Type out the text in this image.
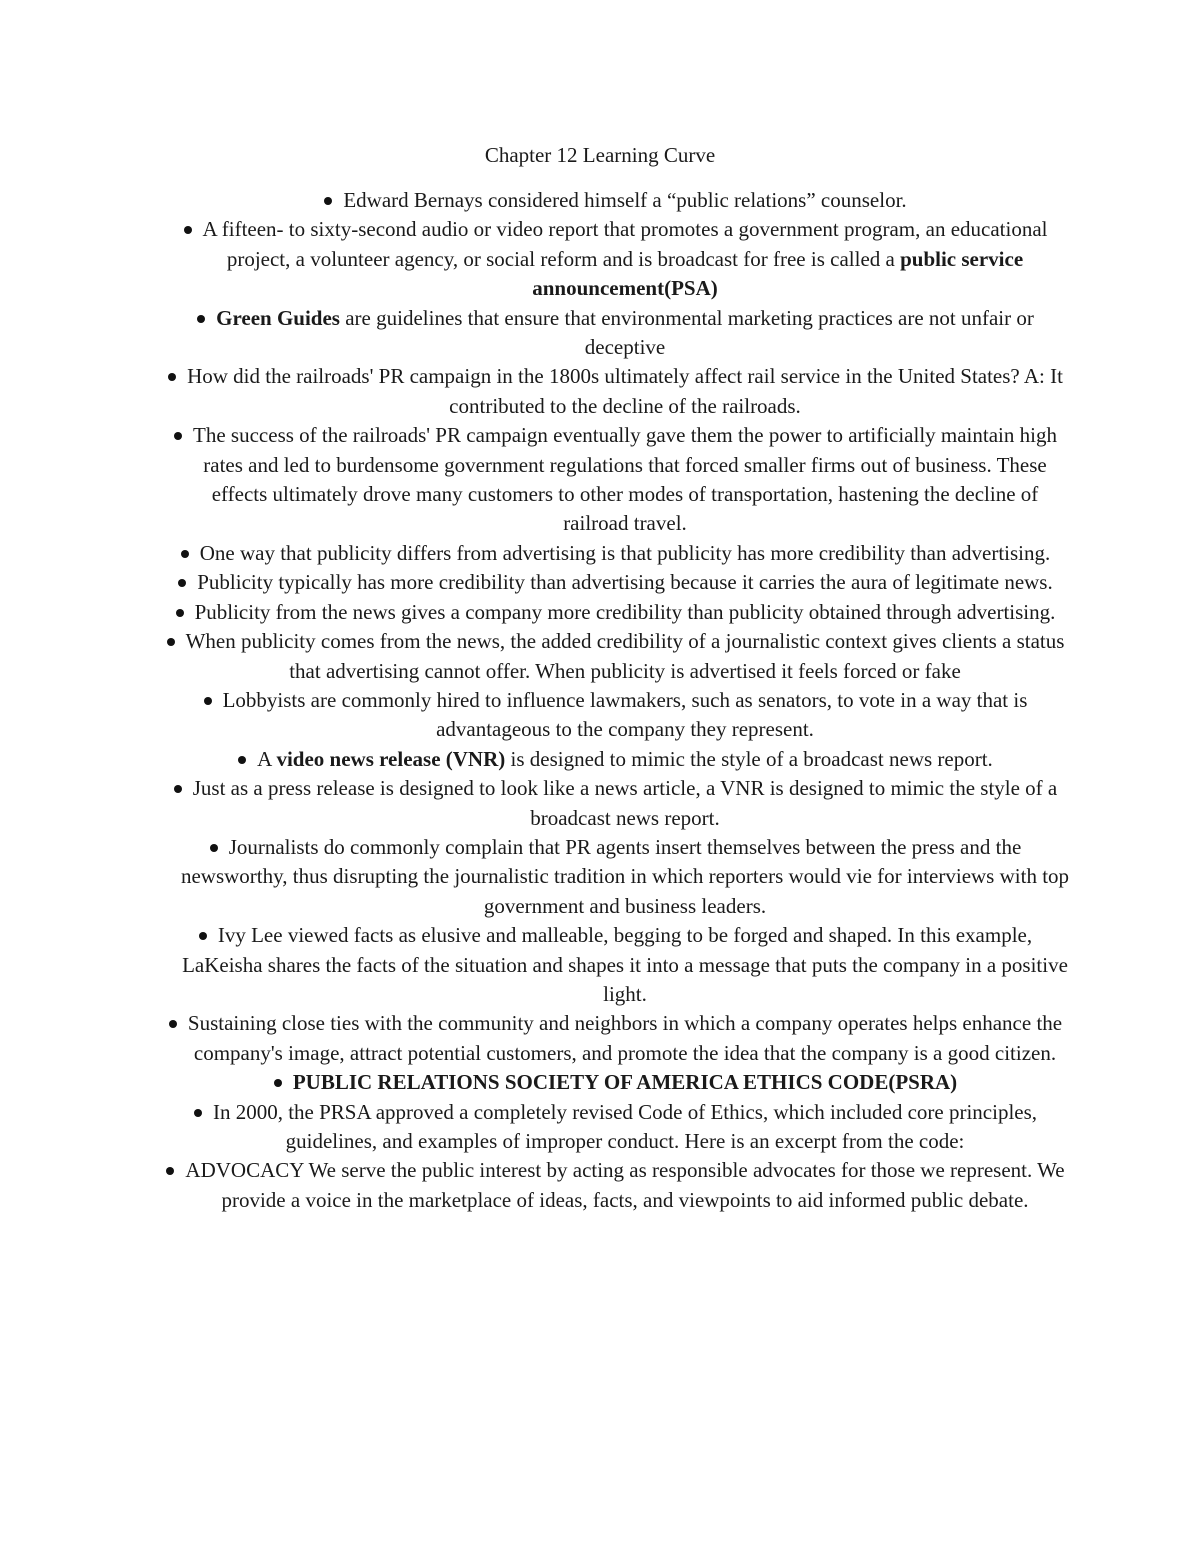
Chapter 12 Learning Curve
Edward Bernays considered himself a “public relations” counselor.
A fifteen- to sixty-second audio or video report that promotes a government program, an educational project, a volunteer agency, or social reform and is broadcast for free is called a public service announcement(PSA)
Green Guides are guidelines that ensure that environmental marketing practices are not unfair or deceptive
How did the railroads' PR campaign in the 1800s ultimately affect rail service in the United States? A: It contributed to the decline of the railroads.
The success of the railroads' PR campaign eventually gave them the power to artificially maintain high rates and led to burdensome government regulations that forced smaller firms out of business. These effects ultimately drove many customers to other modes of transportation, hastening the decline of railroad travel.
One way that publicity differs from advertising is that publicity has more credibility than advertising.
Publicity typically has more credibility than advertising because it carries the aura of legitimate news.
Publicity from the news gives a company more credibility than publicity obtained through advertising.
When publicity comes from the news, the added credibility of a journalistic context gives clients a status that advertising cannot offer. When publicity is advertised it feels forced or fake
Lobbyists are commonly hired to influence lawmakers, such as senators, to vote in a way that is advantageous to the company they represent.
A video news release (VNR) is designed to mimic the style of a broadcast news report.
Just as a press release is designed to look like a news article, a VNR is designed to mimic the style of a broadcast news report.
Journalists do commonly complain that PR agents insert themselves between the press and the newsworthy, thus disrupting the journalistic tradition in which reporters would vie for interviews with top government and business leaders.
Ivy Lee viewed facts as elusive and malleable, begging to be forged and shaped. In this example, LaKeisha shares the facts of the situation and shapes it into a message that puts the company in a positive light.
Sustaining close ties with the community and neighbors in which a company operates helps enhance the company's image, attract potential customers, and promote the idea that the company is a good citizen.
PUBLIC RELATIONS SOCIETY OF AMERICA ETHICS CODE(PSRA)
In 2000, the PRSA approved a completely revised Code of Ethics, which included core principles, guidelines, and examples of improper conduct. Here is an excerpt from the code:
ADVOCACY We serve the public interest by acting as responsible advocates for those we represent. We provide a voice in the marketplace of ideas, facts, and viewpoints to aid informed public debate.
